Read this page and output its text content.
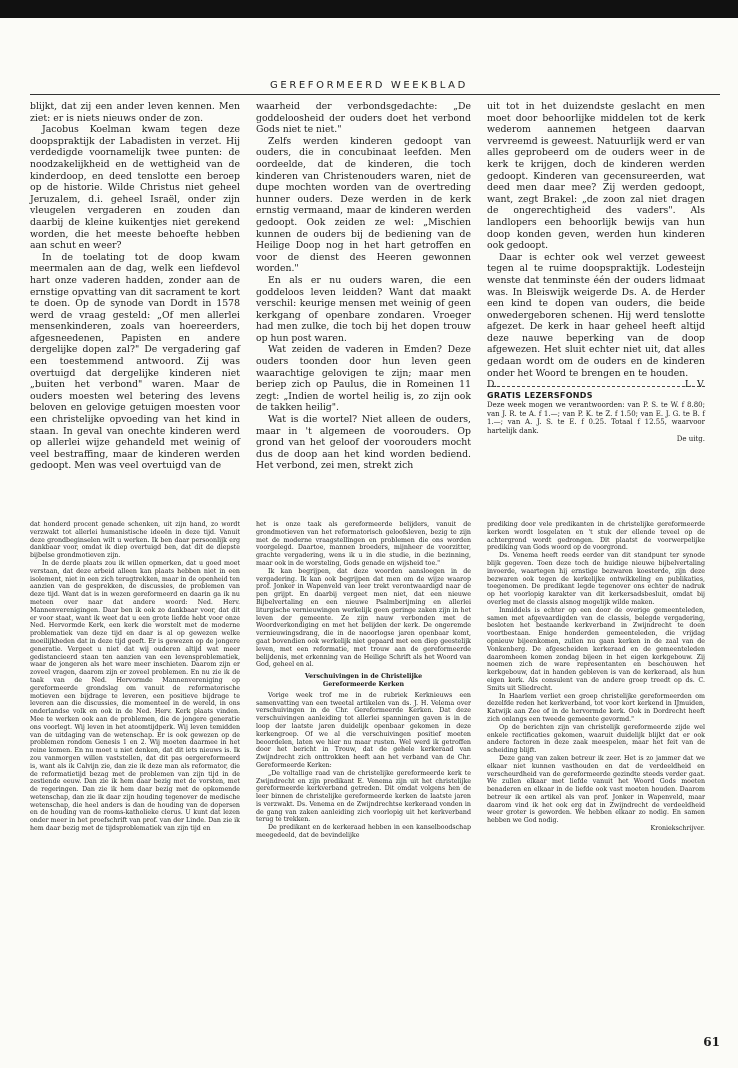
GEREFORMEERD WEEKBLAD

blijkt, dat zij een ander leven kennen. Men ziet: er is niets nieuws onder de zon.

Jacobus Koelman kwam tegen deze doopspraktijk der Labadisten in verzet. Hij verdedigde voornamelijk twee punten: de noodzakelijkheid en de wettigheid van de kinderdoop, en deed tenslotte een beroep op de historie. Wilde Christus niet geheel Jeruzalem, d.i. geheel Israël, onder zijn vleugelen vergaderen en zouden dan daarbij de kleine kuikentjes niet gerekend worden, die het meeste behoefte hebben aan schut en weer?

In de toelating tot de doop kwam meermalen aan de dag, welk een liefdevol hart onze vaderen hadden, zonder aan de ernstige opvatting van dit sacrament te kort te doen. Op de synode van Dordt in 1578 werd de vraag gesteld: „Of men allerlei mensenkinderen, zoals van hoereerders, afgesneedenen, Papisten en andere dergelijke dopen zal?" De vergadering gaf een toestemmend antwoord. Zij was overtuigd dat dergelijke kinderen niet „buiten het verbond" waren. Maar de ouders moesten wel betering des levens beloven en gelovige getuigen moesten voor een christelijke opvoeding van het kind in staan. In geval van onechte kinderen werd op allerlei wijze gehandeld met weinig of veel bestraffing, maar de kinderen werden gedoopt. Men was veel overtuigd van de

waarheid der verbondsgedachte: „De goddeloosheid der ouders doet het verbond Gods niet te niet."

Zelfs werden kinderen gedoopt van ouders, die in concubinaat leefden. Men oordeelde, dat de kinderen, die toch kinderen van Christenouders waren, niet de dupe mochten worden van de overtreding hunner ouders. Deze werden in de kerk ernstig vermaand, maar de kinderen werden gedoopt. Ook zeiden ze wel: „Mischien kunnen de ouders bij de bediening van de Heilige Doop nog in het hart getroffen en voor de dienst des Heeren gewonnen worden."

En als er nu ouders waren, die een goddeloos leven leidden? Want dat maakt verschil: keurige mensen met weinig of geen kerkgang of openbare zondaren. Vroeger had men zulke, die toch bij het dopen trouw op hun post waren.

Wat zeiden de vaderen in Emden? Deze ouders toonden door hun leven geen waarachtige gelovigen te zijn; maar men beriep zich op Paulus, die in Romeinen 11 zegt: „Indien de wortel heilig is, zo zijn ook de takken heilig".

Wat is die wortel? Niet alleen de ouders, maar in 't algemeen de voorouders. Op grond van het geloof der voorouders mocht dus de doop aan het kind worden bediend. Het verbond, zei men, strekt zich

uit tot in het duizendste geslacht en men moet door behoorlijke middelen tot de kerk wederom aannemen hetgeen daarvan vervreemd is geweest. Natuurlijk werd er van alles geprobeerd om de ouders weer in de kerk te krijgen, doch de kinderen werden gedoopt. Kinderen van gecensureerden, wat deed men daar mee? Zij werden gedoopt, want, zegt Brakel: „de zoon zal niet dragen de ongerechtigheid des vaders". Als landlopers een behoorlijk bewijs van hun doop konden geven, werden hun kinderen ook gedoopt.

Daar is echter ook wel verzet geweest tegen al te ruime doopspraktijk. Lodesteijn wenste dat tenminste één der ouders lidmaat was. In Bleiswijk weigerde Ds. A. de Herder een kind te dopen van ouders, die beide onwedergeboren schenen. Hij werd tenslotte afgezet. De kerk in haar geheel heeft altijd deze nauwe beperking van de doop afgewezen. Het sluit echter niet uit, dat alles gedaan wordt om de ouders en de kinderen onder het Woord te brengen en te houden.

D.	L. V.
GRATIS LEZERSFONDS
Deze week mogen we verantwoorden: van P. S. te W. f 8.80; van J. R. te A. f 1.—; van P. K. te Z. f 1.50; van E. J. G. te B. f 1.—; van A. J. S. te E. f 0.25. Totaal f 12.55, waarvoor hartelijk dank.
De uitg.

dat honderd procent genade schenken, uit zijn hand, zo wordt verzwakt tot allerlei humanistische ideeën in deze tijd. Vanuit deze grondbeginselen wilt u werken. Ik ben daar persoonlijk erg dankbaar voor, omdat ik diep overtuigd ben, dat dit de diepste bijbelse grondmotieven zijn.

In de derde plaats zou ik willen opmerken, dat u goed moet verstaan, dat deze arbeid alleen kan plaats hebben niet in een isolement, niet in een zich terugtrekken, maar in de openheid ten aanzien van de gesprekken, de discussies, de problemen van deze tijd. Want dat is in wezen gereformeerd en daarin ga ik nu meteen over naar dat andere woord: Ned. Herv. Mannenverenigingen. Daar ben ik ook zo dankbaar voor, dat dit er voor staat, want ik weet dat u een grote liefde hebt voor onze Ned. Hervormde Kerk, een kerk die worstelt met de moderne problematiek van deze tijd en daar is al op gewezen welke moeilijkheden dat in deze tijd geeft. Er is gewezen op de jongere generatie. Vergeet u niet dat wij ouderen altijd wat meer gedistancieerd staan ten aanzien van een levensproblematiek, waar de jongeren als het ware meer inschieten. Daarom zijn er zoveel vragen, daarom zijn er zoveel problemen. En nu zie ik de taak van de Ned. Hervormde Mannenvereniging op gereformeerde grondslag om vanuit de reformatorische motieven een bijdrage te leveren, een positieve bijdrage te leveren aan die discussies, die momenteel in de wereld, in ons onderlandse volk en ook in de Ned. Herv. Kerk plaats vinden. Mee te werken ook aan de problemen, die de jongere generatie ons voorlegt. Wij leven in het atoomtijdperk. Wij leven temidden van de uitdaging van de wetenschap. Er is ook gewezen op de problemen rondom Genesis 1 en 2. Wij moeten daarmee in het reine komen. En nu moet u niet denken, dat dit iets nieuws is. Ik zou vanmorgen willen vaststellen, dat dit pas oergereformeerd is, want als ik Calvijn zie, dan zie ik deze man als reformator, die de reformatietijd bezag met de problemen van zijn tijd in de zestiende eeuw. Dan zie ik hem daar bezig met de vorsten, met de regeringen. Dan zie ik hem daar bezig met de opkomende wetenschap, dan zie ik daar zijn houding tegenover de medische wetenschap, die heel anders is dan de houding van de dopersen en de houding van de rooms-katholieke clerus. U kunt dat lezen onder meer in het proefschrift van prof. van der Linde. Dan zie ik hem daar bezig met de tijdsproblematiek van zijn tijd en

het is onze taak als gereformeerde belijders, vanuit de grondmotieven van het reformatorisch geloofsleven, bezig te zijn met de moderne vraagstellingen en problemen die ons worden voorgelegd. Daartoe, mannen broeders, mijnheer de voorzitter, grachte vergadering, wens ik u in die studie, in die bezinning, maar ook in de worsteling, Gods genade en wijsheid toe."

Ik kan begrijpen, dat deze woorden aansloegen in de vergadering. Ik kan ook begrijpen dat men om de wijze waarop prof. Jonker in Wapenveld van leer trekt verontwaardigd naar de pen grijpt. En daarbij vergeet men niet, dat een nieuwe Bijbelvertaling en een nieuwe Psalmberijming en allerlei liturgische vernieuwingen werkelijk geen geringe zaken zijn in het leven der gemeente. Ze zijn nauw verbonden met de Woordverkondiging en met het belijden der kerk. De ongeremde vernieuwingsdrang, die in de naoorlogse jaren openbaar komt, gaat bovendien ook werkelijk niet gepaard met een diep geestelijk leven, met een reformatie, met trouw aan de gereformeerde belijdenis, met erkenning van de Heilige Schrift als het Woord van God, geheel en al.

Verschuivingen in de Christelijke
Gereformeerde Kerken

Vorige week trof me in de rubriek Kerknieuws een samenvatting van een tweetal artikelen van ds. J. H. Velema over verschuivingen in de Chr. Gereformeerde Kerken. Dat deze verschuivingen aanleiding tot allerlei spanningen gaven is in de loop der laatste jaren duidelijk openbaar gekomen in deze kerkengroep. Of we al die verschuivingen positief moeten beoordelen, laten we hier nu maar rusten. Wel werd ik getroffen door het bericht in Trouw, dat de gehele kerkeraad van Zwijndrecht zich onttrokken heeft aan het verband van de Chr. Gereformeerde Kerken:

„De voltallige raad van de christelijke gereformeerde kerk te Zwijndrecht en zijn predikant E. Venema zijn uit het christelijke gereformeerde kerkverband getreden. Dit omdat volgens hen de leer binnen de christelijke gereformeerde kerken de laatste jaren is verzwakt. Ds. Venema en de Zwijndrechtse kerkeraad vonden in de gang van zaken aanleiding zich voorlopig uit het kerkverband terug te trekken.

De predikant en de kerkeraad hebben in een kanselboodschap meegedeeld, dat de bevindelijke

prediking door vele predikanten in de christelijke gereformeerde kerken wordt losgelaten en 't stuk der ellende teveel op de achtergrond wordt gedrongen. Dit plaatst de voorwerpelijke prediking van Gods woord op de voorgrond.

Ds. Venema heeft reeds eerder van dit standpunt ter synode blijk gegeven. Toen deze toch de huidige nieuwe bijbelvertaling invoerde, waartegen hij ernstige bezwaren koesterde, zijn deze bezwaren ook tegen de kerkelijke ontwikkeling en publikaties, toegenomen. De predikant legde tegenover ons echter de nadruk op het voorlopig karakter van dit kerkersadsbesluit, omdat bij overleg met de classis alsnog mogelijk wilde maken.

Inmiddels is echter op een door de overige gemeenteleden, samen met afgevaardigden van de classis, belegde vergadering, besloten het bestaande kerkverband in Zwijndrecht te doen voortbestaan. Enige honderden gemeenteleden, die vrijdag opnieuw bijeenkomen, zullen nu gaan kerken in de zaal van de Vonkenberg. De afgescheiden kerkeraad en de gemeenteleden daaromheen komen zondag bijeen in het eigen kerkgebouw. Zij noemen zich de ware representanten en beschouwen het kerkgebouw, dat in handen gebleven is van de kerkeraad, als hun eigen kerk. Als consulent van de andere groep treedt op ds. C. Smits uit Sliedrecht.

In Haarlem verliet een groep christelijke gereformeerden om dezelfde reden het kerkverband, tot voor kort kerkend in IJmuiden, Katwijk aan Zee of in de hervormde kerk. Ook in Dordrecht heeft zich onlangs een tweede gemeente gevormd."

Op de berichten zijn van christelijk gereformeerde zijde wel enkele rectificaties gekomen, waaruit duidelijk blijkt dat er ook andere factoren in deze zaak meespelen, maar het feit van de scheiding blijft.

Deze gang van zaken betreur ik zeer. Het is zo jammer dat we elkaar niet kunnen vasthouden en dat de verdeeldheid en verscheurdheid van de gereformeerde gezindte steeds verder gaat. We zullen elkaar met liefde vanuit het Woord Gods moeten benaderen en elkaar in de liefde ook vast moeten houden. Daarom betreur ik een artikel als van prof. Jonker in Wapenveld, maar daarom vind ik het ook erg dat in Zwijndrecht de verdeeldheid weer groter is geworden. We hebben elkaar zo nodig. En samen hebben we God nodig.

Kroniekschrijver.

61
